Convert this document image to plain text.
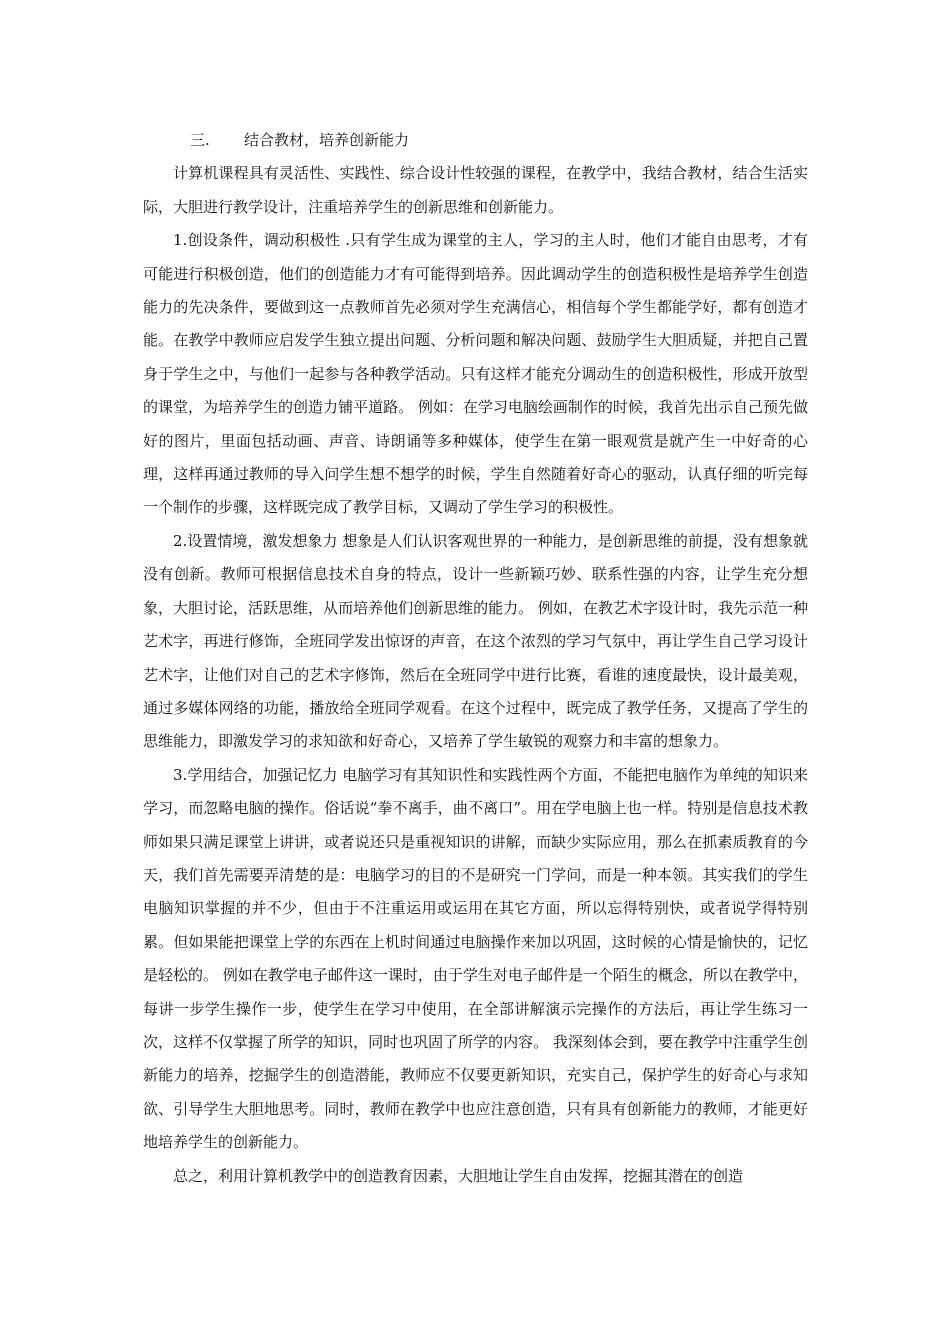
三. 结合教材，培养创新能力

计算机课程具有灵活性、实践性、综合设计性较强的课程，在教学中，我结合教材，结合生活实际，大胆进行教学设计，注重培养学生的创新思维和创新能力。

1.创设条件，调动积极性 .只有学生成为课堂的主人，学习的主人时，他们才能自由思考，才有可能进行积极创造，他们的创造能力才有可能得到培养。因此调动学生的创造积极性是培养学生创造能力的先决条件，要做到这一点教师首先必须对学生充满信心，相信每个学生都能学好，都有创造才能。在教学中教师应启发学生独立提出问题、分析问题和解决问题、鼓励学生大胆质疑，并把自己置身于学生之中，与他们一起参与各种教学活动。只有这样才能充分调动生的创造积极性，形成开放型的课堂，为培养学生的创造力铺平道路。 例如：在学习电脑绘画制作的时候，我首先出示自己预先做好的图片，里面包括动画、声音、诗朗诵等多种媒体，使学生在第一眼观赏是就产生一中好奇的心理，这样再通过教师的导入问学生想不想学的时候，学生自然随着好奇心的驱动，认真仔细的听完每一个制作的步骤，这样既完成了教学目标，又调动了学生学习的积极性。

2.设置情境，激发想象力 想象是人们认识客观世界的一种能力，是创新思维的前提，没有想象就没有创新。教师可根据信息技术自身的特点，设计一些新颖巧妙、联系性强的内容，让学生充分想象，大胆讨论，活跃思维，从而培养他们创新思维的能力。 例如，在教艺术字设计时，我先示范一种艺术字，再进行修饰，全班同学发出惊讶的声音，在这个浓烈的学习气氛中，再让学生自己学习设计艺术字，让他们对自己的艺术字修饰，然后在全班同学中进行比赛，看谁的速度最快，设计最美观，通过多媒体网络的功能，播放给全班同学观看。在这个过程中，既完成了教学任务，又提高了学生的思维能力，即激发学习的求知欲和好奇心，又培养了学生敏锐的观察力和丰富的想象力。

3.学用结合，加强记忆力 电脑学习有其知识性和实践性两个方面，不能把电脑作为单纯的知识来学习，而忽略电脑的操作。俗话说“拳不离手，曲不离口”。用在学电脑上也一样。特别是信息技术教师如果只满足课堂上讲讲，或者说还只是重视知识的讲解，而缺少实际应用，那么在抓素质教育的今天，我们首先需要弄清楚的是：电脑学习的目的不是研究一门学问，而是一种本领。其实我们的学生电脑知识掌握的并不少，但由于不注重运用或运用在其它方面，所以忘得特别快，或者说学得特别累。但如果能把课堂上学的东西在上机时间通过电脑操作来加以巩固，这时候的心情是愉快的，记忆是轻松的。 例如在教学电子邮件这一课时，由于学生对电子邮件是一个陌生的概念，所以在教学中，每讲一步学生操作一步，使学生在学习中使用，在全部讲解演示完操作的方法后，再让学生练习一次，这样不仅掌握了所学的知识，同时也巩固了所学的内容。 我深刻体会到，要在教学中注重学生创新能力的培养，挖掘学生的创造潜能，教师应不仅要更新知识，充实自己，保护学生的好奇心与求知欲、引导学生大胆地思考。同时，教师在教学中也应注意创造，只有具有创新能力的教师，才能更好地培养学生的创新能力。

总之，利用计算机教学中的创造教育因素，大胆地让学生自由发挥，挖掘其潜在的创造
